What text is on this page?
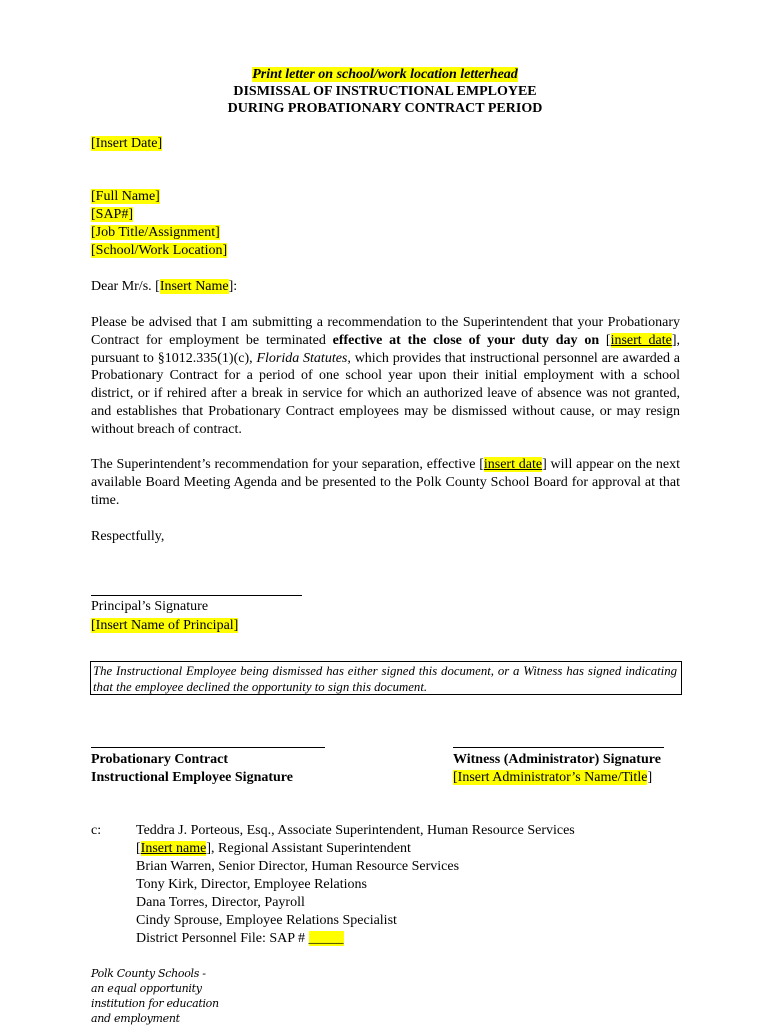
Print letter on school/work location letterhead
DISMISSAL OF INSTRUCTIONAL EMPLOYEE
DURING PROBATIONARY CONTRACT PERIOD
[Insert Date]
[Full Name]
[SAP#]
[Job Title/Assignment]
[School/Work Location]
Dear Mr/s. [Insert Name]:
Please be advised that I am submitting a recommendation to the Superintendent that your Probationary Contract for employment be terminated effective at the close of your duty day on [insert date], pursuant to §1012.335(1)(c), Florida Statutes, which provides that instructional personnel are awarded a Probationary Contract for a period of one school year upon their initial employment with a school district, or if rehired after a break in service for which an authorized leave of absence was not granted, and establishes that Probationary Contract employees may be dismissed without cause, or may resign without breach of contract.
The Superintendent’s recommendation for your separation, effective [insert date] will appear on the next available Board Meeting Agenda and be presented to the Polk County School Board for approval at that time.
Respectfully,
Principal’s Signature
[Insert Name of Principal]
The Instructional Employee being dismissed has either signed this document, or a Witness has signed indicating that the employee declined the opportunity to sign this document.
Probationary Contract
Instructional Employee Signature
Witness (Administrator) Signature
[Insert Administrator’s Name/Title]
c: Teddra J. Porteous, Esq., Associate Superintendent, Human Resource Services
[Insert name], Regional Assistant Superintendent
Brian Warren, Senior Director, Human Resource Services
Tony Kirk, Director, Employee Relations
Dana Torres, Director, Payroll
Cindy Sprouse, Employee Relations Specialist
District Personnel File: SAP # _____
Polk County Schools -
an equal opportunity
institution for education
and employment
